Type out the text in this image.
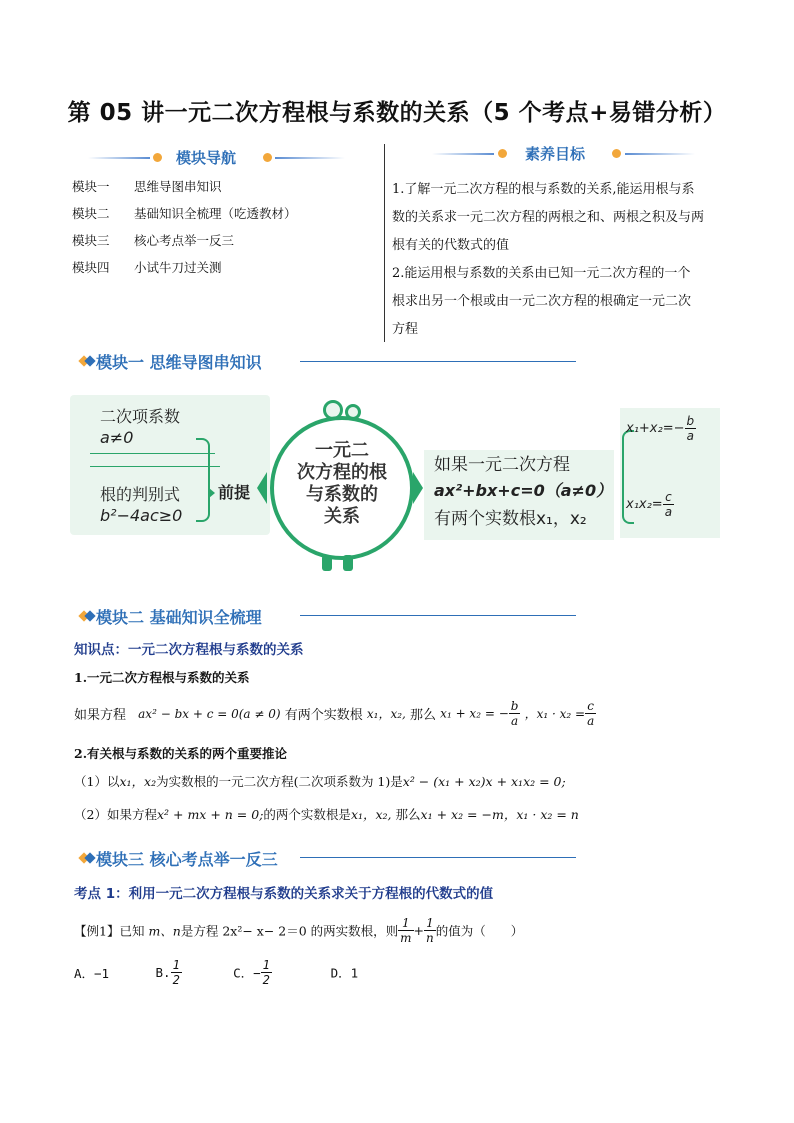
第 05 讲一元二次方程根与系数的关系（5 个考点+易错分析）
模块导航
模块一 思维导图串知识
模块二 基础知识全梳理（吃透教材）
模块三 核心考点举一反三
模块四 小试牛刀过关测
素养目标
1.了解一元二次方程的根与系数的关系,能运用根与系
数的关系求一元二次方程的两根之和、两根之积及与两
根有关的代数式的值
2.能运用根与系数的关系由已知一元二次方程的一个
根求出另一个根或由一元二次方程的根确定一元二次
方程
模块一 思维导图串知识
二次项系数
a≠0
根的判别式
b²−4ac≥0
前提
一元二
次方程的根
与系数的
关系
如果一元二次方程
ax²+bx+c=0（a≠0）
有两个实数根x₁，x₂
$x_1+x_2=- \frac{b}{a}$
$x_1x_2= \frac{c}{a}$
模块二 基础知识全梳理
知识点：一元二次方程根与系数的关系
1.一元二次方程根与系数的关系
如果方程 ax² − bx + c = 0(a ≠ 0) 有两个实数根 x₁，x₂, 那么 x₁ + x₂ = − $\frac{b}{a}$ ，$x_1 \cdot x_2 = \frac{c}{a}$
2.有关根与系数的关系的两个重要推论
（1）以x₁，x₂为实数根的一元二次方程(二次项系数为 1)是x² − (x₁ + x₂)x + x₁x₂ = 0;
（2）如果方程x² + mx + n = 0;的两个实数根是x₁，x₂, 那么x₁ + x₂ = −m，x₁ · x₂ = n
模块三 核心考点举一反三
考点 1：利用一元二次方程根与系数的关系求关于方程根的代数式的值
【例1】已知 m、n是方程 2x²− x− 2＝0 的两实数根，则 $\frac{1}{m} + \frac{1}{n}$ 的值为（　　）
A．−1	B. $\frac{1}{2}$	C．− $\frac{1}{2}$	D．1
